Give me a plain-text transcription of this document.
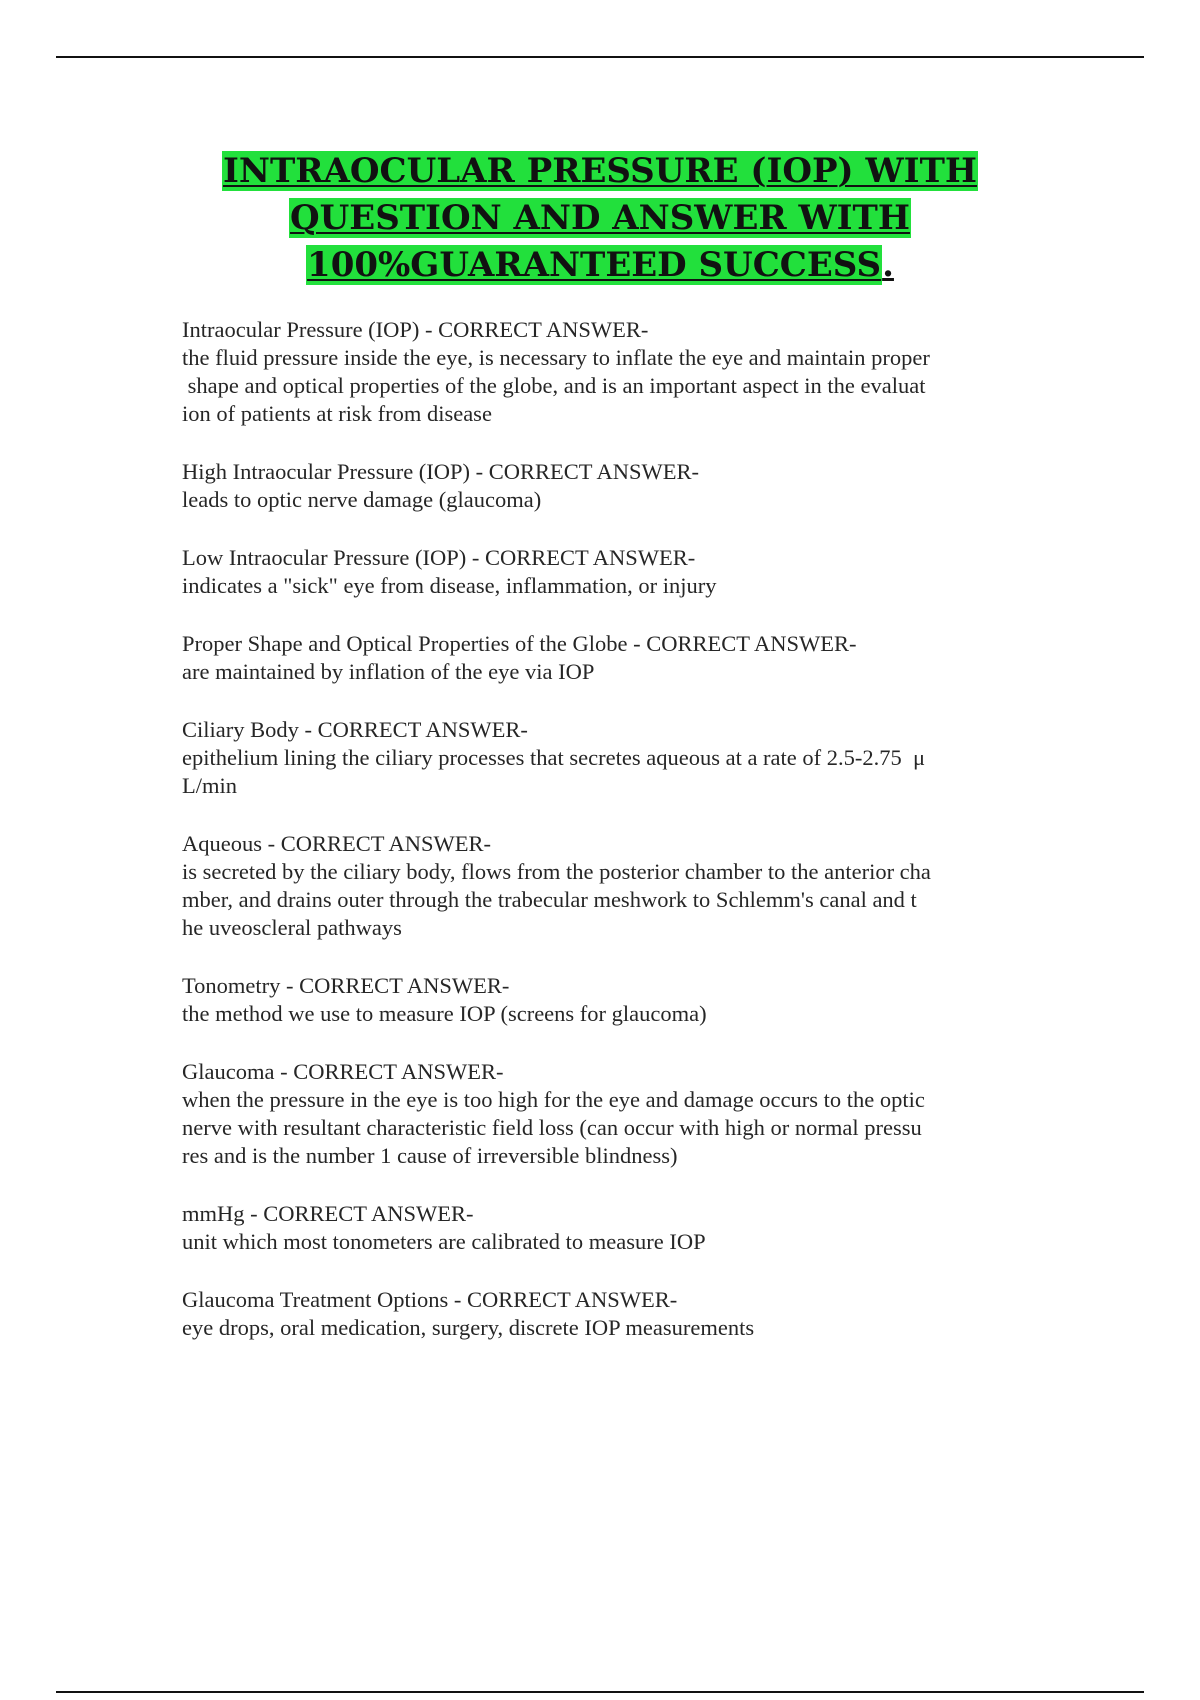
INTRAOCULAR PRESSURE (IOP) WITH
QUESTION AND ANSWER WITH
100%GUARANTEED SUCCESS.
Intraocular Pressure (IOP) - CORRECT ANSWER-
the fluid pressure inside the eye, is necessary to inflate the eye and maintain proper
shape and optical properties of the globe, and is an important aspect in the evaluat
ion of patients at risk from disease
High Intraocular Pressure (IOP) - CORRECT ANSWER-
leads to optic nerve damage (glaucoma)
Low Intraocular Pressure (IOP) - CORRECT ANSWER-
indicates a "sick" eye from disease, inflammation, or injury
Proper Shape and Optical Properties of the Globe - CORRECT ANSWER-
are maintained by inflation of the eye via IOP
Ciliary Body - CORRECT ANSWER-
epithelium lining the ciliary processes that secretes aqueous at a rate of 2.5-2.75  μ
L/min
Aqueous - CORRECT ANSWER-
is secreted by the ciliary body, flows from the posterior chamber to the anterior cha
mber, and drains outer through the trabecular meshwork to Schlemm's canal and t
he uveoscleral pathways
Tonometry - CORRECT ANSWER-
the method we use to measure IOP (screens for glaucoma)
Glaucoma - CORRECT ANSWER-
when the pressure in the eye is too high for the eye and damage occurs to the optic
nerve with resultant characteristic field loss (can occur with high or normal pressu
res and is the number 1 cause of irreversible blindness)
mmHg - CORRECT ANSWER-
unit which most tonometers are calibrated to measure IOP
Glaucoma Treatment Options - CORRECT ANSWER-
eye drops, oral medication, surgery, discrete IOP measurements
